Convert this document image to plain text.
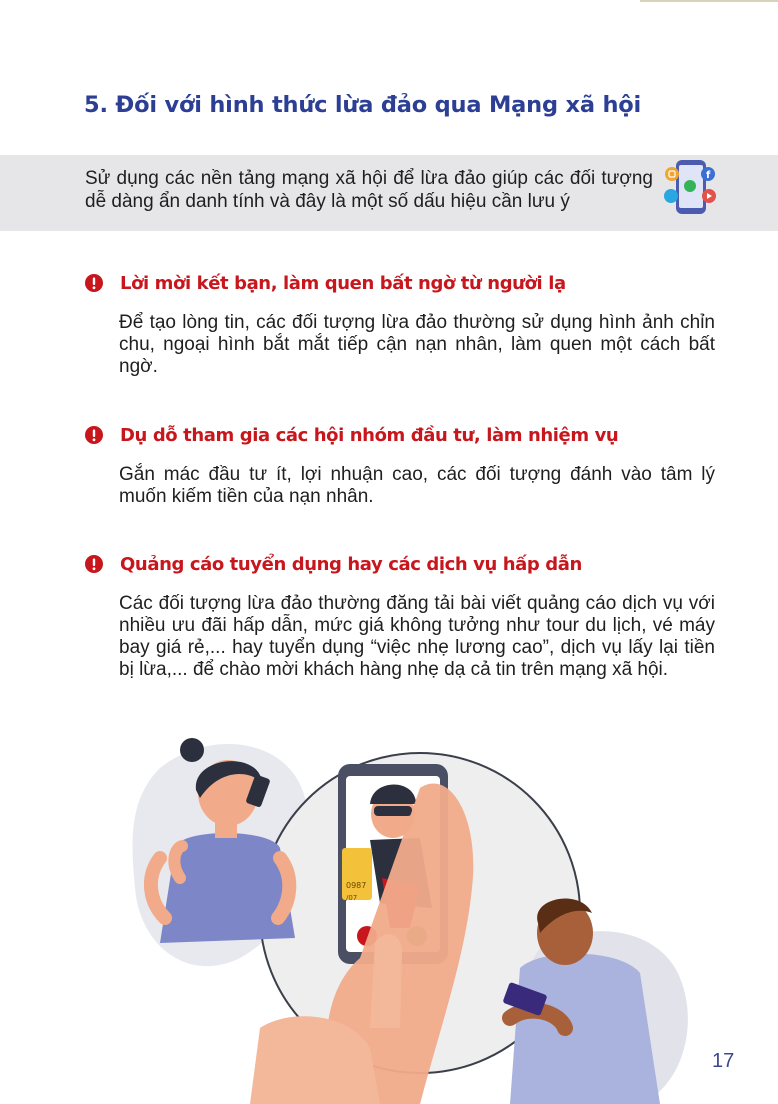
5. Đối với hình thức lừa đảo qua Mạng xã hội

Sử dụng các nền tảng mạng xã hội để lừa đảo giúp các đối tượng dễ dàng ẩn danh tính và đây là một số dấu hiệu cần lưu ý

f
Lời mời kết bạn, làm quen bất ngờ từ người lạ

Để tạo lòng tin, các đối tượng lừa đảo thường sử dụng hình ảnh chỉn chu, ngoại hình bắt mắt tiếp cận nạn nhân, làm quen một cách bất ngờ.

Dụ dỗ tham gia các hội nhóm đầu tư, làm nhiệm vụ

Gắn mác đầu tư ít, lợi nhuận cao, các đối tượng đánh vào tâm lý muốn kiếm tiền của nạn nhân.

Quảng cáo tuyển dụng hay các dịch vụ hấp dẫn

Các đối tượng lừa đảo thường đăng tải bài viết quảng cáo dịch vụ với nhiều ưu đãi hấp dẫn, mức giá không tưởng như tour du lịch, vé máy bay giá rẻ,... hay tuyển dụng “việc nhẹ lương cao”, dịch vụ lấy lại tiền bị lừa,... để chào mời khách hàng nhẹ dạ cả tin trên mạng xã hội.

0987
/07
17
